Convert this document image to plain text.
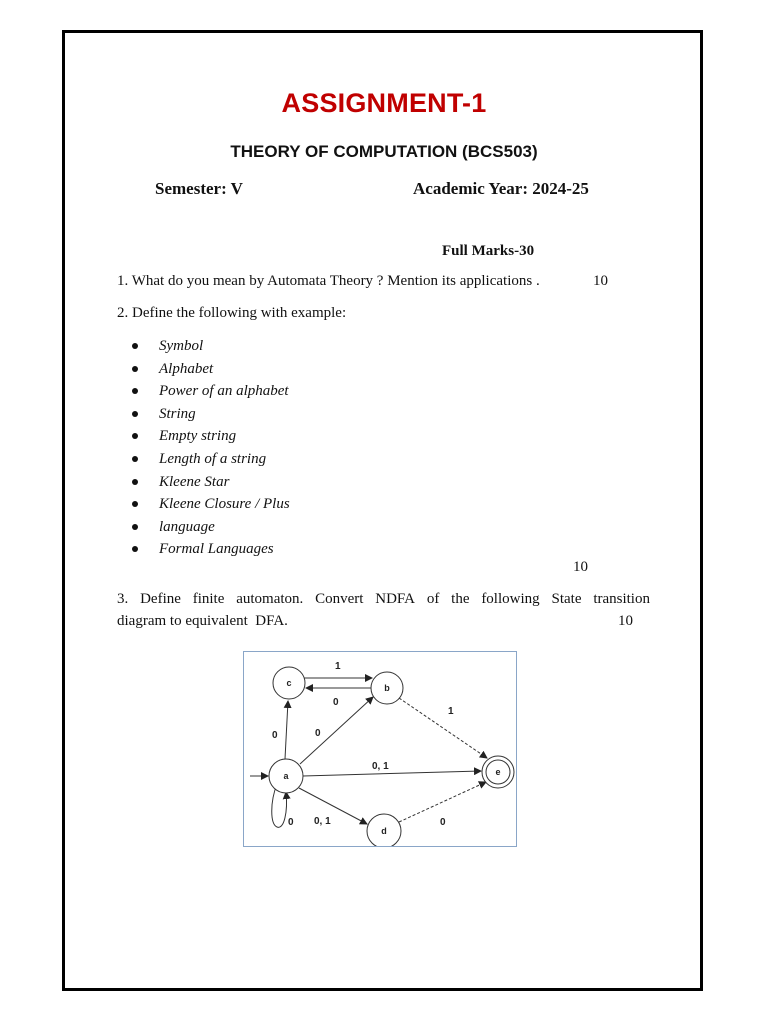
ASSIGNMENT-1
THEORY OF COMPUTATION (BCS503)
Semester: V	Academic Year: 2024-25
Full Marks-30
1. What do you mean by Automata Theory ? Mention its applications .	10
2. Define the following with example:
Symbol
Alphabet
Power of an alphabet
String
Empty string
Length of a string
Kleene Star
Kleene Closure / Plus
language
Formal Languages
10
3. Define finite automaton. Convert NDFA of the following State transition
diagram to equivalent  DFA.	10
c	b
a
d
e
1
0
0	0
1
0, 1
0, 1	0
0
